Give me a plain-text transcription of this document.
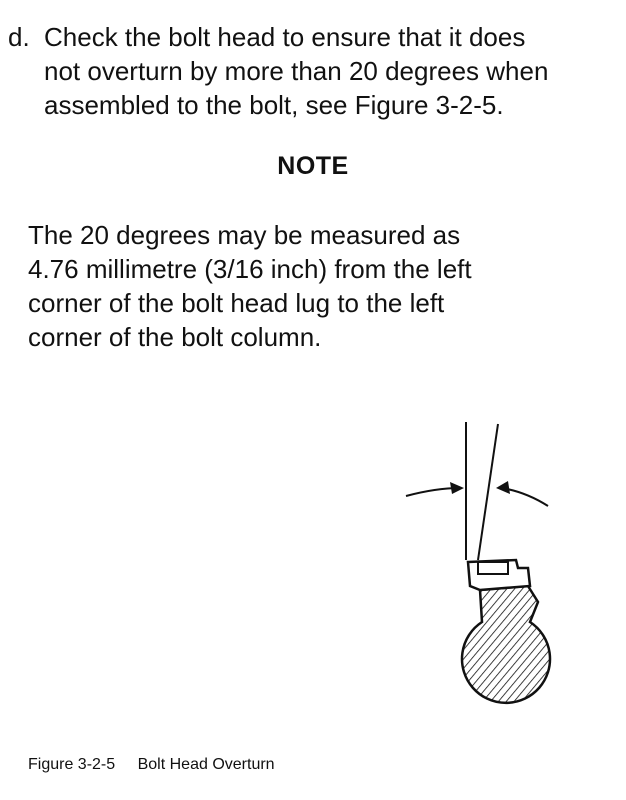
d. Check the bolt head to ensure that it does
not overturn by more than 20 degrees when
assembled to the bolt, see Figure 3-2-5.
NOTE
The 20 degrees may be measured as
4.76 millimetre (3/16 inch) from the left
corner of the bolt head lug to the left
corner of the bolt column.
Figure 3-2-5 Bolt Head Overturn
